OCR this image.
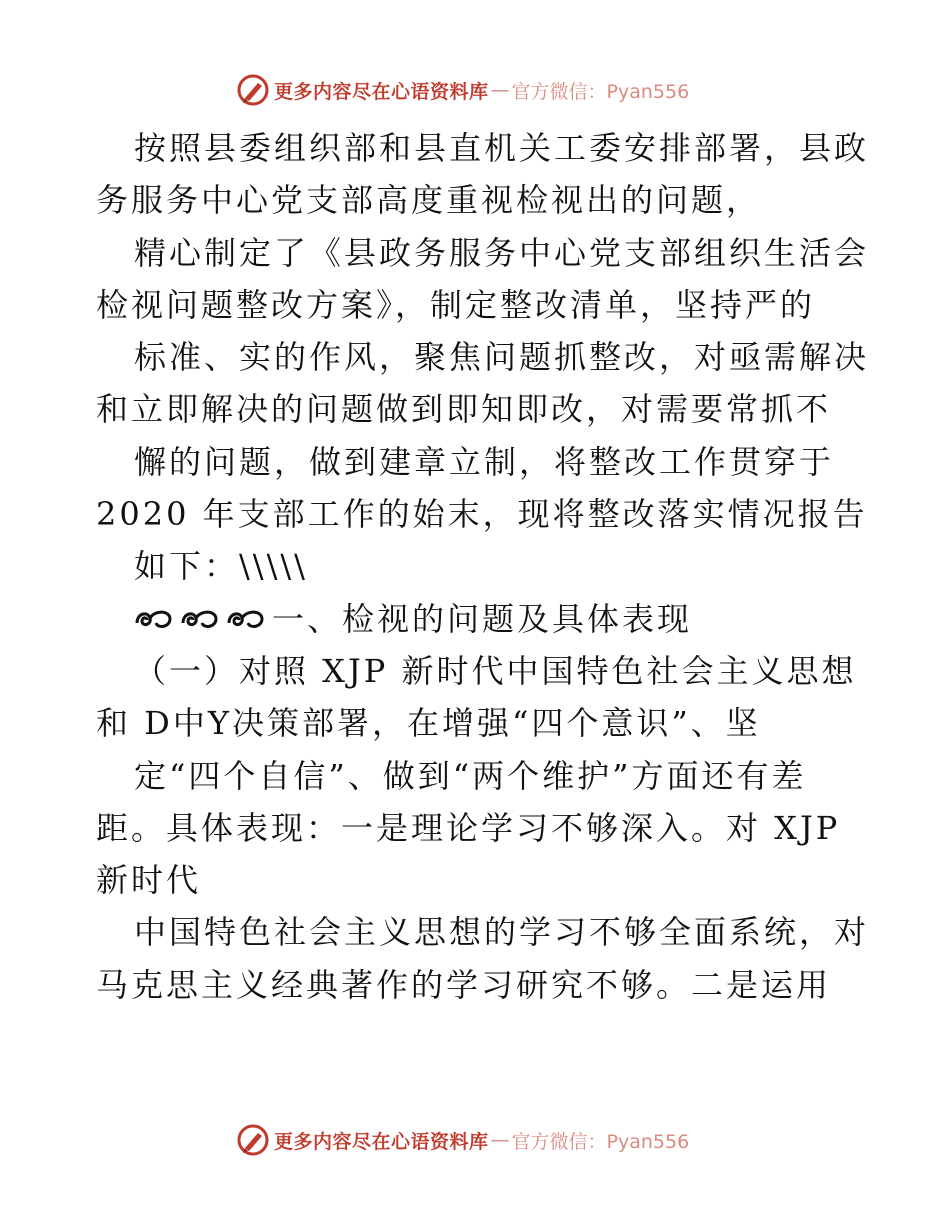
更多内容尽在心语资料库 — 官方微信：Pyan556
按照县委组织部和县直机关工委安排部署，县政
务服务中心党支部高度重视检视出的问题，
精心制定了《县政务服务中心党支部组织生活会
检视问题整改方案》，制定整改清单，坚持严的
标准、实的作风，聚焦问题抓整改，对亟需解决
和立即解决的问题做到即知即改，对需要常抓不
懈的问题，做到建章立制，将整改工作贯穿于
2020 年支部工作的始末，现将整改落实情况报告
如下：\\\\\
一、检视的问题及具体表现
（一）对照 XJP 新时代中国特色社会主义思想
和 D中Y决策部署，在增强“四个意识”、坚
定“四个自信”、做到“两个维护”方面还有差
距。具体表现：一是理论学习不够深入。对 XJP
新时代
中国特色社会主义思想的学习不够全面系统，对
马克思主义经典著作的学习研究不够。二是运用
更多内容尽在心语资料库 — 官方微信：Pyan556
